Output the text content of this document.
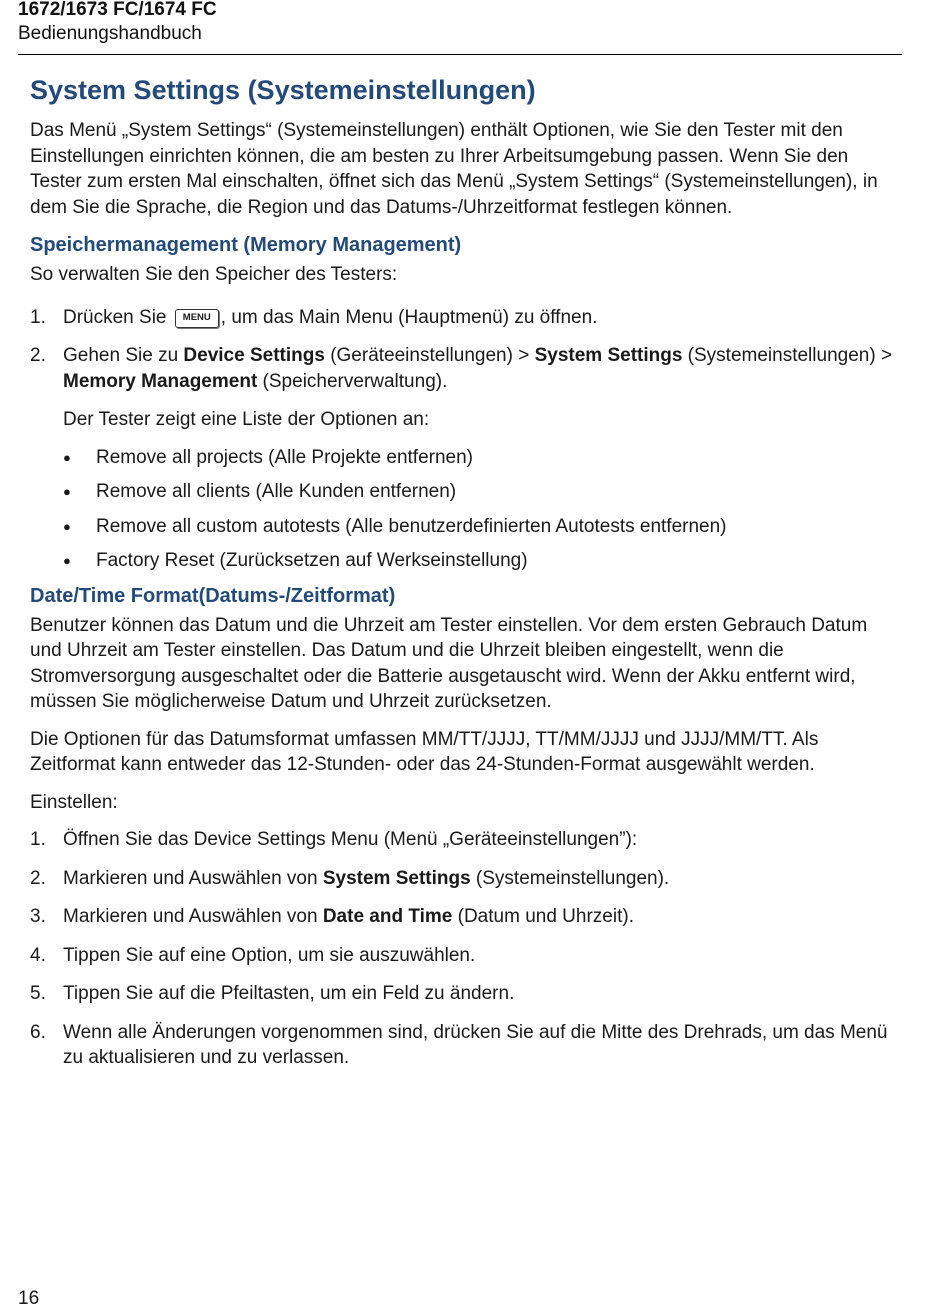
1672/1673 FC/1674 FC
Bedienungshandbuch
System Settings (Systemeinstellungen)

Das Menü „System Settings“ (Systemeinstellungen) enthält Optionen, wie Sie den Tester mit den Einstellungen einrichten können, die am besten zu Ihrer Arbeitsumgebung passen. Wenn Sie den Tester zum ersten Mal einschalten, öffnet sich das Menü „System Settings“ (Systemeinstellungen), in dem Sie die Sprache, die Region und das Datums-/Uhrzeitformat festlegen können.

Speichermanagement (Memory Management)

So verwalten Sie den Speicher des Testers:

1. Drücken Sie MENU , um das Main Menu (Hauptmenü) zu öffnen.
2. Gehen Sie zu Device Settings (Geräteeinstellungen) > System Settings (Systemeinstellungen) > Memory Management (Speicherverwaltung).

Der Tester zeigt eine Liste der Optionen an:

●	Remove all projects (Alle Projekte entfernen)
●	Remove all clients (Alle Kunden entfernen)
●	Remove all custom autotests (Alle benutzerdefinierten Autotests entfernen)
●	Factory Reset (Zurücksetzen auf Werkseinstellung)
Date/Time Format(Datums-/Zeitformat)

Benutzer können das Datum und die Uhrzeit am Tester einstellen. Vor dem ersten Gebrauch Datum und Uhrzeit am Tester einstellen. Das Datum und die Uhrzeit bleiben eingestellt, wenn die Stromversorgung ausgeschaltet oder die Batterie ausgetauscht wird. Wenn der Akku entfernt wird, müssen Sie möglicherweise Datum und Uhrzeit zurücksetzen.

Die Optionen für das Datumsformat umfassen MM/TT/JJJJ, TT/MM/JJJJ und JJJJ/MM/TT. Als Zeitformat kann entweder das 12-Stunden- oder das 24-Stunden-Format ausgewählt werden.

Einstellen:

1. Öffnen Sie das Device Settings Menu (Menü „Geräteeinstellungen”):
2. Markieren und Auswählen von System Settings (Systemeinstellungen).
3. Markieren und Auswählen von Date and Time (Datum und Uhrzeit).
4. Tippen Sie auf eine Option, um sie auszuwählen.
5. Tippen Sie auf die Pfeiltasten, um ein Feld zu ändern.
6. Wenn alle Änderungen vorgenommen sind, drücken Sie auf die Mitte des Drehrads, um das Menü zu aktualisieren und zu verlassen.
16
